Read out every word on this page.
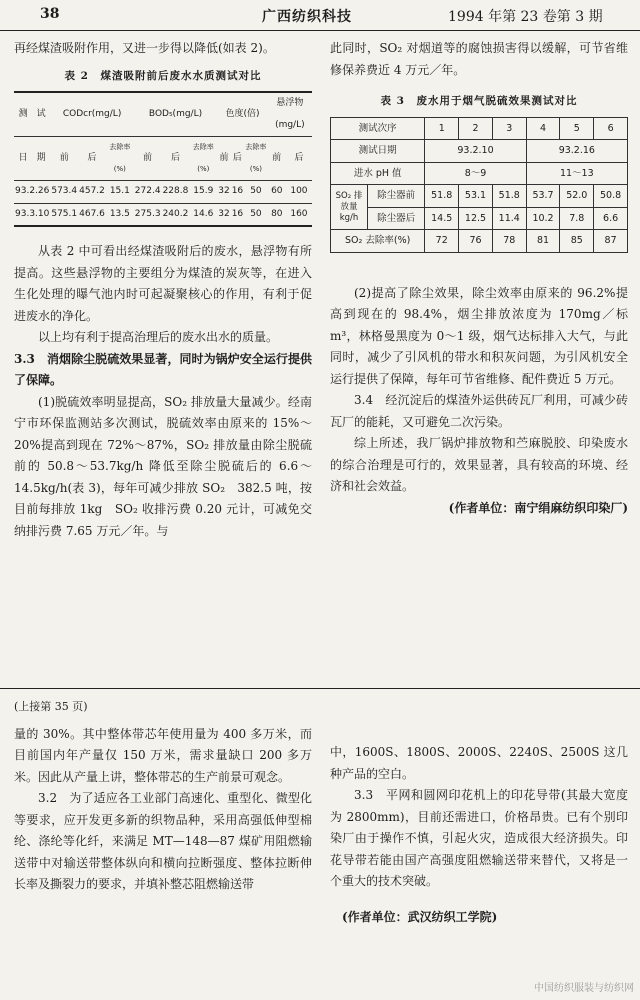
38	广西纺织科技	1994 年第 23 卷第 3 期

再经煤渣吸附作用，又进一步得以降低(如表 2)。

表 2　煤渣吸附前后废水水质测试对比
测　试	CODcr(mg/L)			BOD₅(mg/L)			色度(倍)			悬浮物(mg/L)	
日　期	前	后	去除率(%)	前	后	去除率(%)	前	后	去除率(%)	前	后
93.2.26	573.4	457.2	15.1	272.4	228.8	15.9	32	16	50	60	100
93.3.10	575.1	467.6	13.5	275.3	240.2	14.6	32	16	50	80	160

从表 2 中可看出经煤渣吸附后的废水，悬浮物有所提高。这些悬浮物的主要组分为煤渣的炭灰等，在进入生化处理的曝气池内时可起凝聚核心的作用，有利于促进废水的净化。

以上均有利于提高治理后的废水出水的质量。

3.3　消烟除尘脱硫效果显著，同时为锅炉安全运行提供了保障。

(1)脱硫效率明显提高，SO₂ 排放量大量减少。经南宁市环保监测站多次测试，脱硫效率由原来的 15%～20%提高到现在 72%～87%，SO₂ 排放量由除尘脱硫前的 50.8～53.7kg/h 降低至除尘脱硫后的 6.6～14.5kg/h(表 3)，每年可减少排放 SO₂　382.5 吨，按目前每排放 1kg　SO₂ 收排污费 0.20 元计，可减免交纳排污费 7.65 万元／年。与

此同时，SO₂ 对烟道等的腐蚀损害得以缓解，可节省维修保养费近 4 万元／年。

表 3　废水用于烟气脱硫效果测试对比
测试次序		1	2	3	4	5	6
测试日期		93.2.10			93.2.16		
进水 pH 值		8～9			11～13		
SO₂ 排放量 kg/h	除尘器前	51.8	53.1	51.8	53.7	52.0	50.8
	除尘器后	14.5	12.5	11.4	10.2	7.8	6.6
SO₂ 去除率(%)		72	76	78	81	85	87

(2)提高了除尘效果，除尘效率由原来的 96.2%提高到现在的 98.4%，烟尘排放浓度为 170mg／标 m³，林格曼黑度为 0～1 级，烟气达标排入大气，与此同时，减少了引风机的带水和积灰问题，为引风机安全运行提供了保障，每年可节省维修、配件费近 5 万元。

3.4　经沉淀后的煤渣外运供砖瓦厂利用，可减少砖瓦厂的能耗，又可避免二次污染。

综上所述，我厂锅炉排放物和苎麻脱胶、印染废水的综合治理是可行的，效果显著，具有较高的环境、经济和社会效益。

(作者单位：南宁绢麻纺织印染厂)

(上接第 35 页)

量的 30%。其中整体带芯年使用量为 400 多万米，而目前国内年产量仅 150 万米，需求量缺口 200 多万米。因此从产量上讲，整体带芯的生产前景可观念。

3.2　为了适应各工业部门高速化、重型化、微型化等要求，应开发更多新的织物品种，采用高强低伸型棉纶、涤纶等化纤，来满足 MT—148—87 煤矿用阻燃输送带中对输送带整体纵向和横向拉断强度、整体拉断伸长率及撕裂力的要求，并填补整芯阻燃输送带

中，1600S、1800S、2000S、2240S、2500S 这几种产品的空白。

3.3　平网和圆网印花机上的印花导带(其最大宽度为 2800mm)，目前还需进口，价格昂贵。已有个别印染厂由于操作不慎，引起火灾，造成很大经济损失。印花导带若能由国产高强度阻燃输送带来替代，又将是一个重大的技术突破。

(作者单位：武汉纺织工学院)

中国纺织服装与纺织网
